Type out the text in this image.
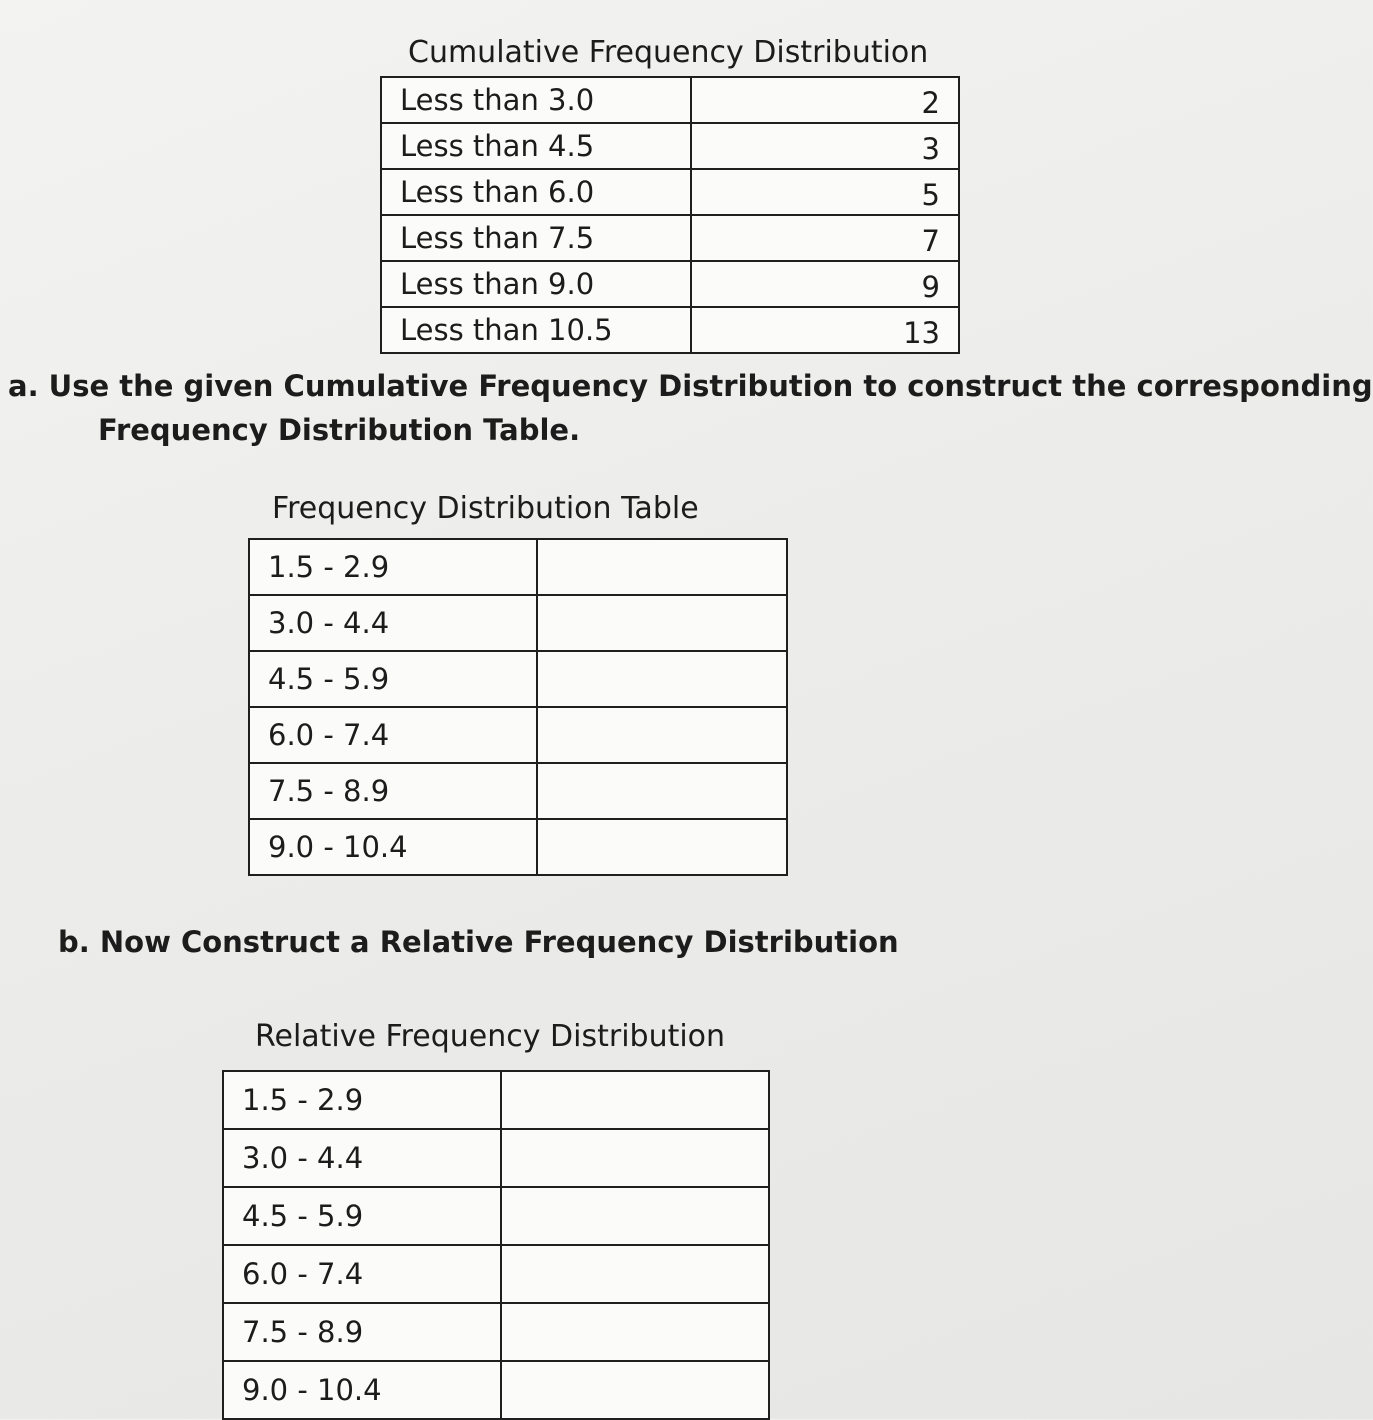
Cumulative Frequency Distribution
Less than 3.0	2
Less than 4.5	3
Less than 6.0	5
Less than 7.5	7
Less than 9.0	9
Less than 10.5	13
a. Use the given Cumulative Frequency Distribution to construct the corresponding
Frequency Distribution Table.
Frequency Distribution Table
1.5 - 2.9	
3.0 - 4.4	
4.5 - 5.9	
6.0 - 7.4	
7.5 - 8.9	
9.0 - 10.4	
b. Now Construct a Relative Frequency Distribution
Relative Frequency Distribution
1.5 - 2.9	
3.0 - 4.4	
4.5 - 5.9	
6.0 - 7.4	
7.5 - 8.9	
9.0 - 10.4	
